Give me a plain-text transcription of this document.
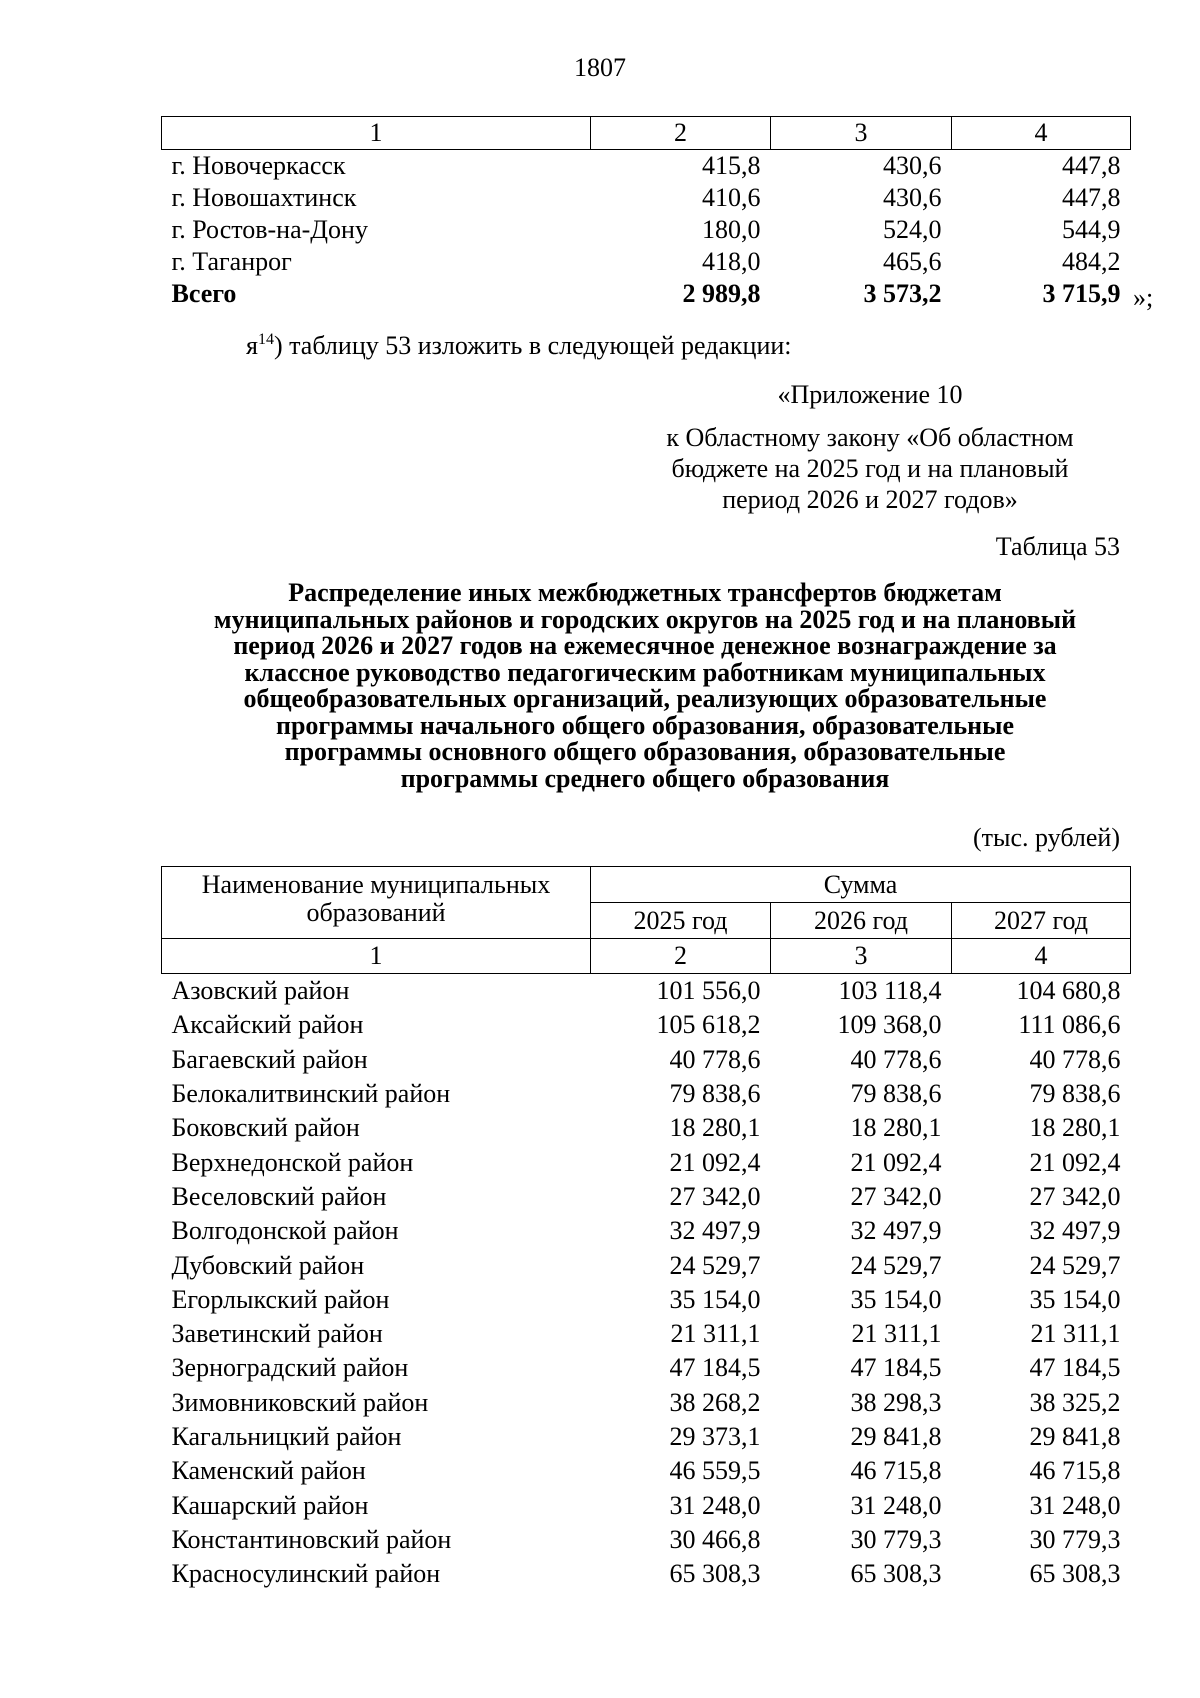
1807
1	2	3	4
г. Новочеркасск	415,8	430,6	447,8
г. Новошахтинск	410,6	430,6	447,8
г. Ростов-на-Дону	180,0	524,0	544,9
г. Таганрог	418,0	465,6	484,2
Всего	2 989,8	3 573,2	3 715,9 »;
$я^{14}$) таблицу 53 изложить в следующей редакции:
«Приложение 10
к Областному закону «Об областном
бюджете на 2025 год и на плановый
период 2026 и 2027 годов»
Таблица 53
Распределение иных межбюджетных трансфертов бюджетам
муниципальных районов и городских округов на 2025 год и на плановый
период 2026 и 2027 годов на ежемесячное денежное вознаграждение за
классное руководство педагогическим работникам муниципальных
общеобразовательных организаций, реализующих образовательные
программы начального общего образования, образовательные
программы основного общего образования, образовательные
программы среднего общего образования
(тыс. рублей)
Наименование муниципальных
образований	Сумма		
	2025 год	2026 год	2027 год
1	2	3	4
Азовский район	101 556,0	103 118,4	104 680,8
Аксайский район	105 618,2	109 368,0	111 086,6
Багаевский район	40 778,6	40 778,6	40 778,6
Белокалитвинский район	79 838,6	79 838,6	79 838,6
Боковский район	18 280,1	18 280,1	18 280,1
Верхнедонской район	21 092,4	21 092,4	21 092,4
Веселовский район	27 342,0	27 342,0	27 342,0
Волгодонской район	32 497,9	32 497,9	32 497,9
Дубовский район	24 529,7	24 529,7	24 529,7
Егорлыкский район	35 154,0	35 154,0	35 154,0
Заветинский район	21 311,1	21 311,1	21 311,1
Зерноградский район	47 184,5	47 184,5	47 184,5
Зимовниковский район	38 268,2	38 298,3	38 325,2
Кагальницкий район	29 373,1	29 841,8	29 841,8
Каменский район	46 559,5	46 715,8	46 715,8
Кашарский район	31 248,0	31 248,0	31 248,0
Константиновский район	30 466,8	30 779,3	30 779,3
Красносулинский район	65 308,3	65 308,3	65 308,3
